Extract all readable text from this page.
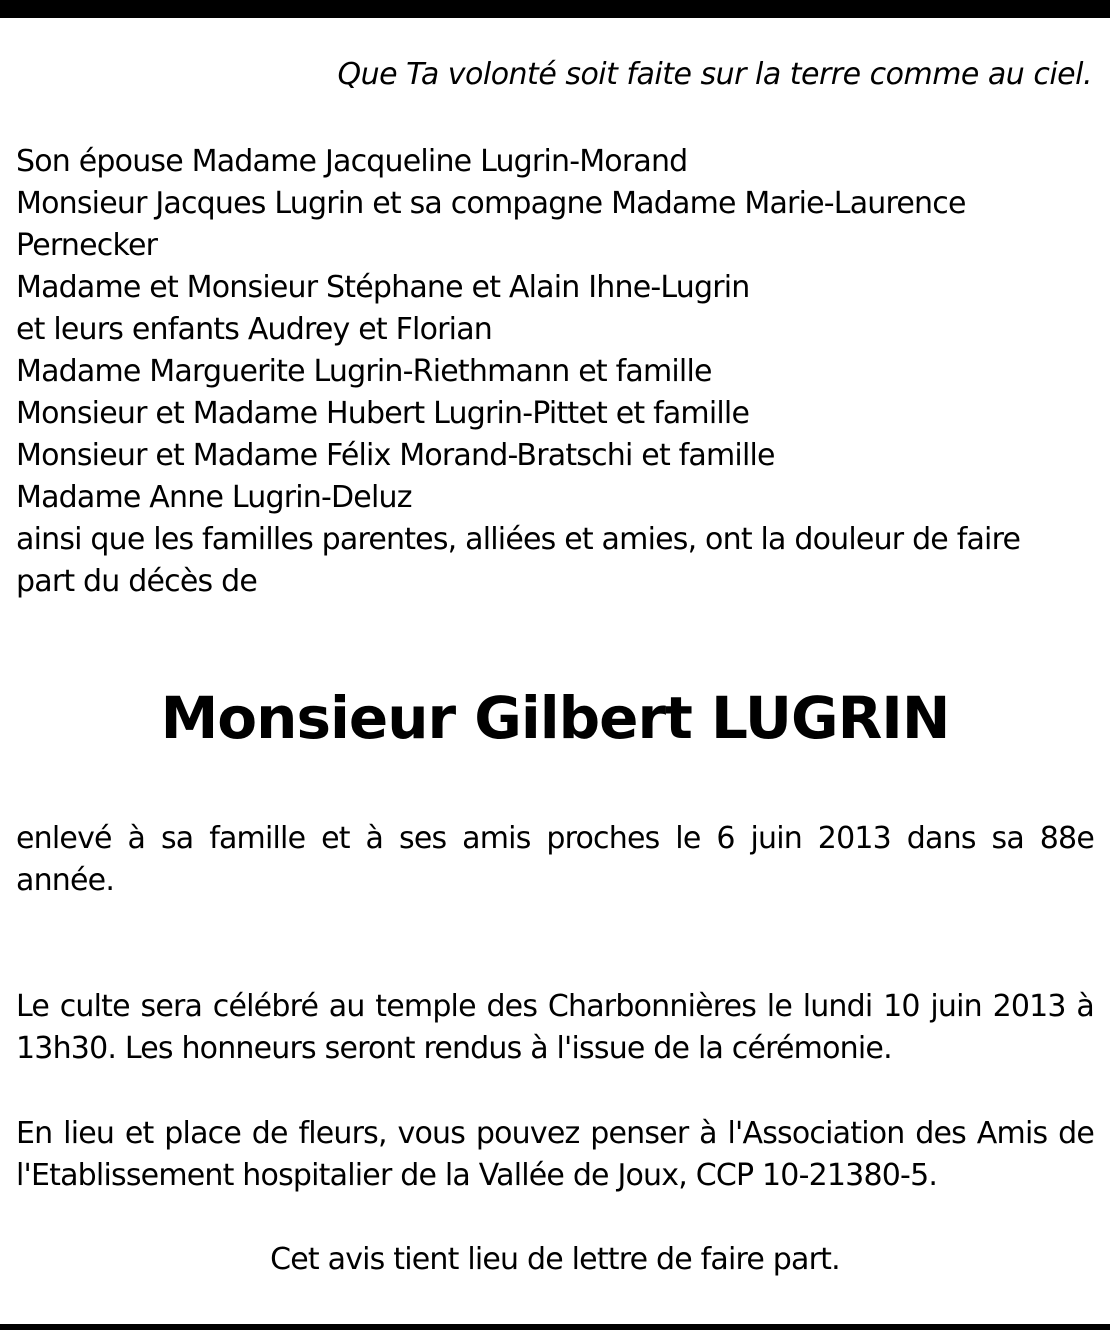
Que Ta volonté soit faite sur la terre comme au ciel.
Son épouse Madame Jacqueline Lugrin-Morand
Monsieur Jacques Lugrin et sa compagne Madame Marie-Laurence Pernecker
Madame et Monsieur Stéphane et Alain Ihne-Lugrin
et leurs enfants Audrey et Florian
Madame Marguerite Lugrin-Riethmann et famille
Monsieur et Madame Hubert Lugrin-Pittet et famille
Monsieur et Madame Félix Morand-Bratschi et famille
Madame Anne Lugrin-Deluz
ainsi que les familles parentes, alliées et amies, ont la douleur de faire part du décès de
Monsieur Gilbert LUGRIN
enlevé à sa famille et à ses amis proches le 6 juin 2013 dans sa 88e année.
Le culte sera célébré au temple des Charbonnières le lundi 10 juin 2013 à 13h30. Les honneurs seront rendus à l'issue de la cérémonie.
En lieu et place de fleurs, vous pouvez penser à l'Association des Amis de l'Etablissement hospitalier de la Vallée de Joux, CCP 10-21380-5.
Cet avis tient lieu de lettre de faire part.
